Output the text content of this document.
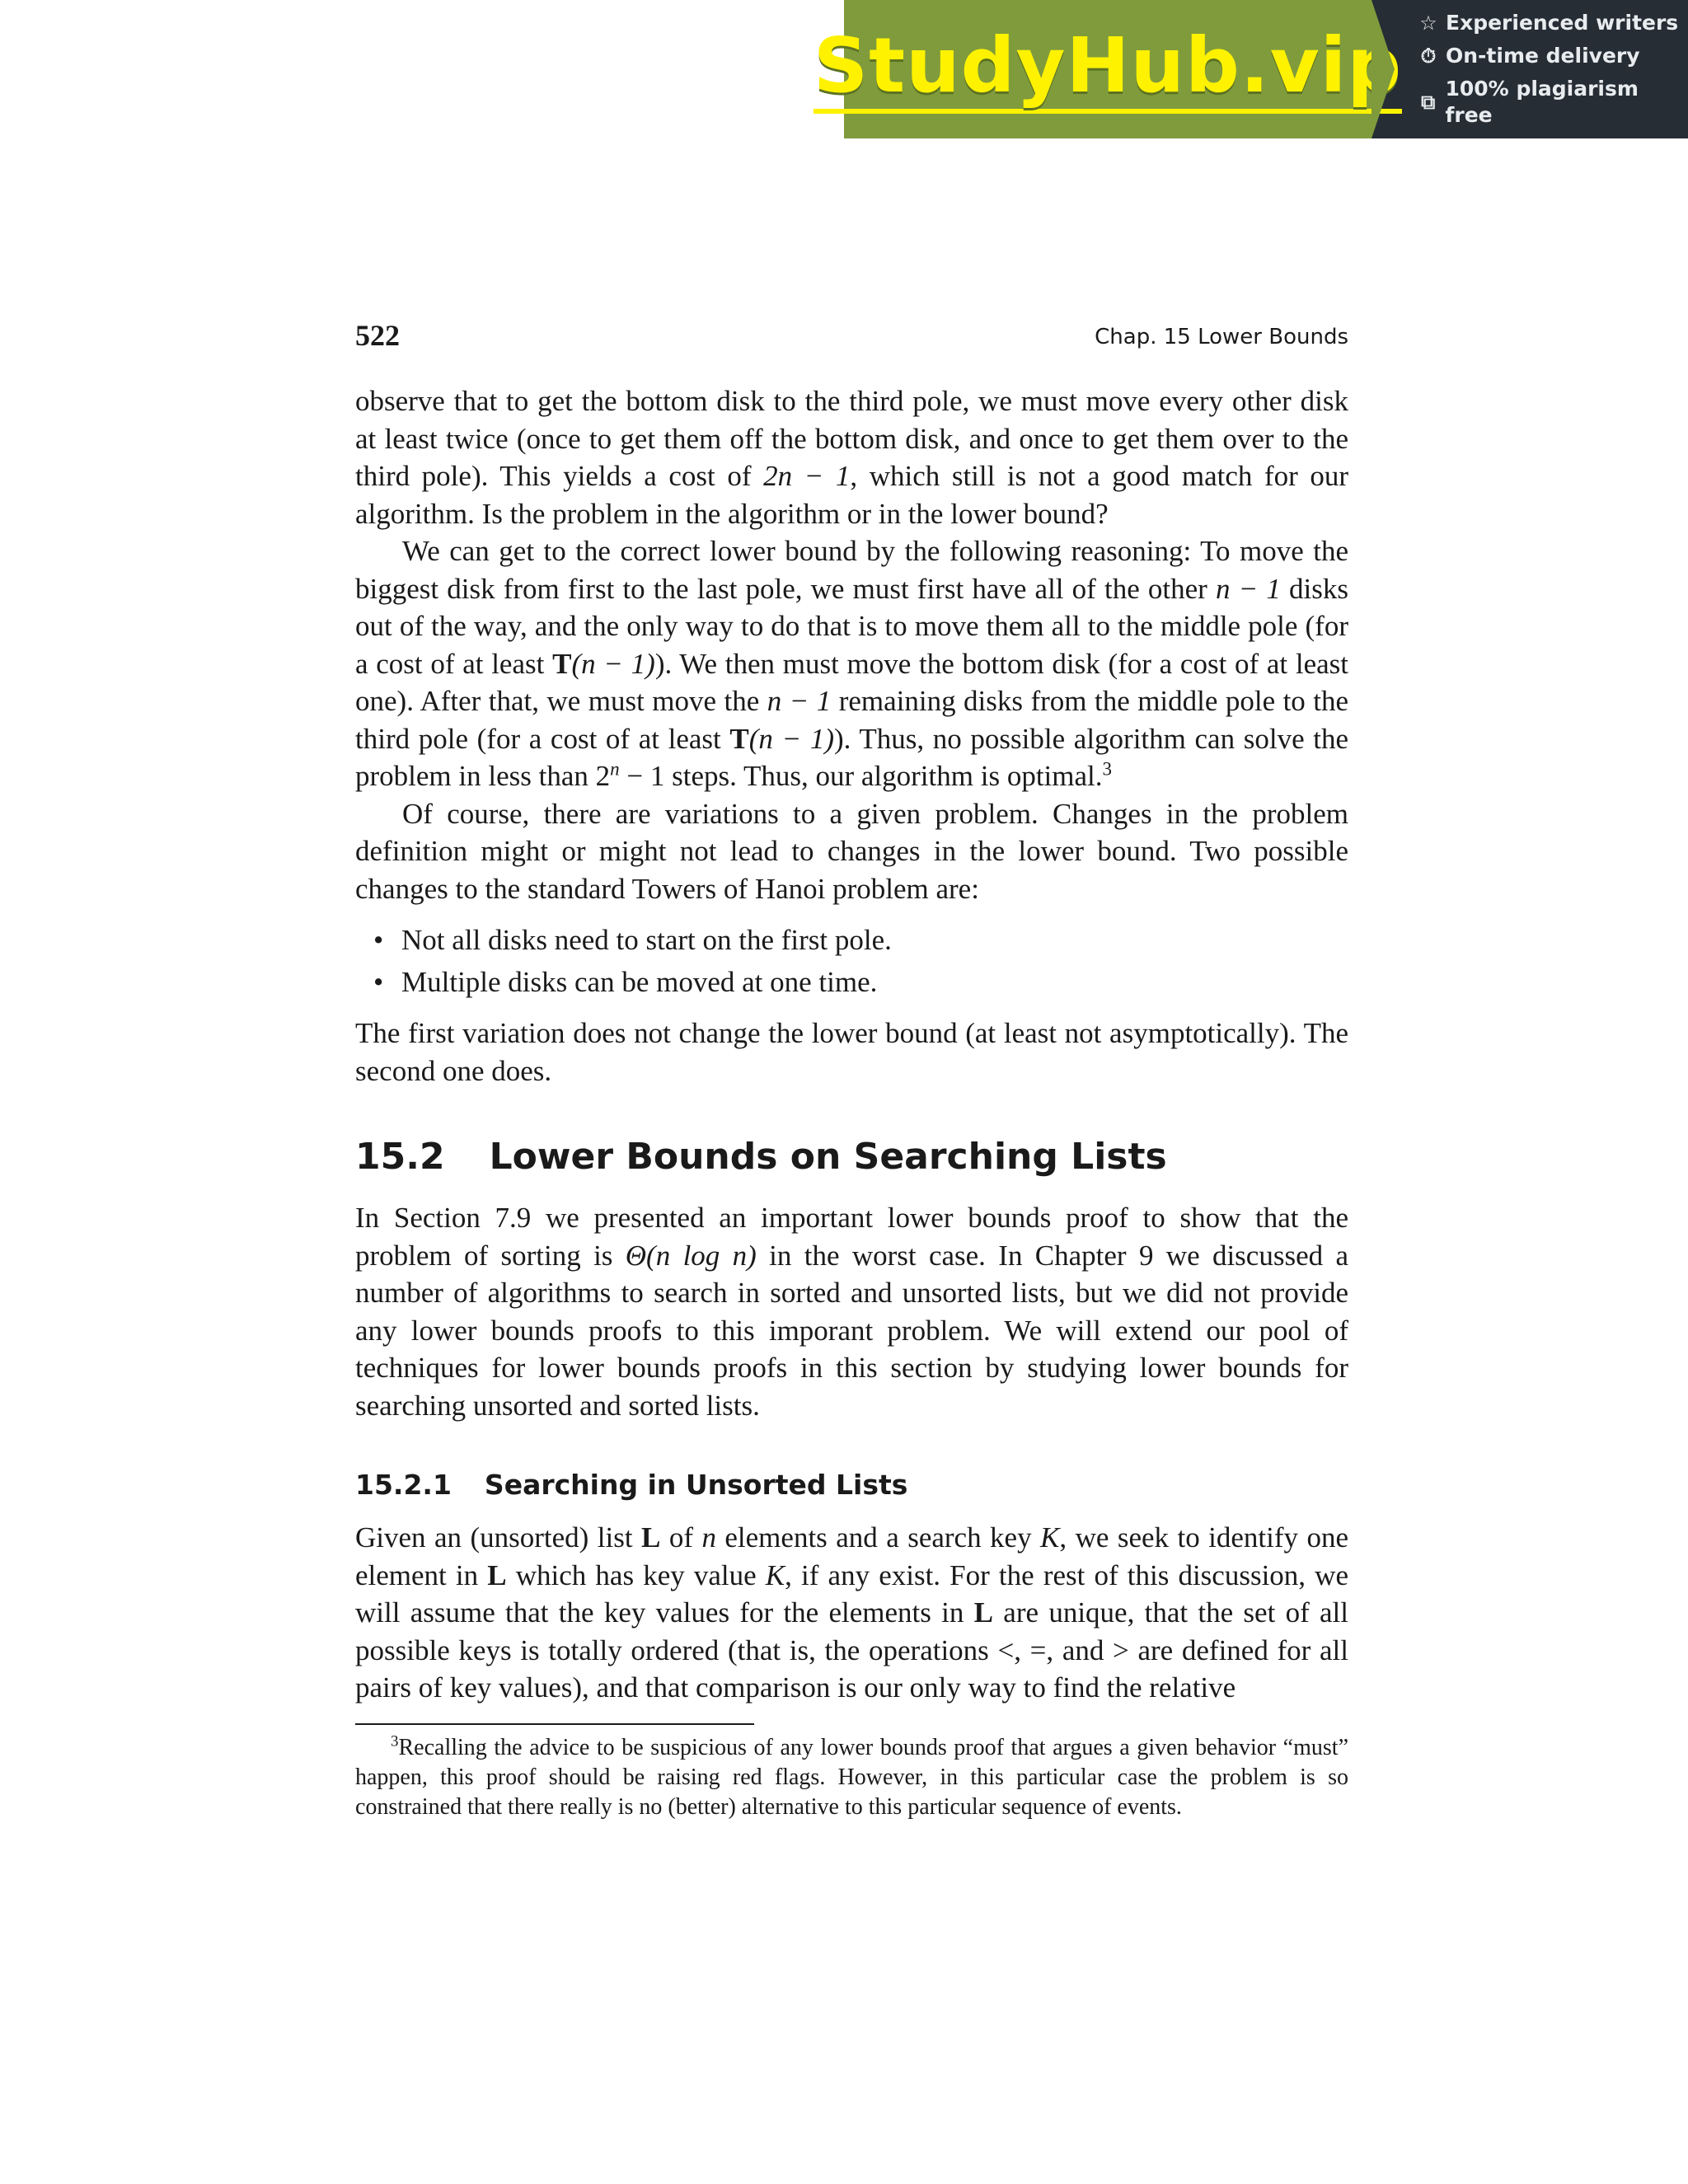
StudyHub.vip ☆ Experienced writers
⏱ On-time delivery
⧉
100% plagiarism free
522	Chap. 15 Lower Bounds

observe that to get the bottom disk to the third pole, we must move every other disk at least twice (once to get them off the bottom disk, and once to get them over to the third pole). This yields a cost of 2n − 1, which still is not a good match for our algorithm. Is the problem in the algorithm or in the lower bound?

We can get to the correct lower bound by the following reasoning: To move the biggest disk from first to the last pole, we must first have all of the other n − 1 disks out of the way, and the only way to do that is to move them all to the middle pole (for a cost of at least T(n − 1)). We then must move the bottom disk (for a cost of at least one). After that, we must move the n − 1 remaining disks from the middle pole to the third pole (for a cost of at least T(n − 1)). Thus, no possible algorithm can solve the problem in less than $2^n - 1$ steps. Thus, our algorithm is optimal.$^3$

Of course, there are variations to a given problem. Changes in the problem definition might or might not lead to changes in the lower bound. Two possible changes to the standard Towers of Hanoi problem are:

• Not all disks need to start on the first pole.
• Multiple disks can be moved at one time.

The first variation does not change the lower bound (at least not asymptotically). The second one does.

15.2 Lower Bounds on Searching Lists

In Section 7.9 we presented an important lower bounds proof to show that the problem of sorting is Θ(n log n) in the worst case. In Chapter 9 we discussed a number of algorithms to search in sorted and unsorted lists, but we did not provide any lower bounds proofs to this imporant problem. We will extend our pool of techniques for lower bounds proofs in this section by studying lower bounds for searching unsorted and sorted lists.

15.2.1 Searching in Unsorted Lists

Given an (unsorted) list L of n elements and a search key K, we seek to identify one element in L which has key value K, if any exist. For the rest of this discussion, we will assume that the key values for the elements in L are unique, that the set of all possible keys is totally ordered (that is, the operations <, =, and > are defined for all pairs of key values), and that comparison is our only way to find the relative

$^3$Recalling the advice to be suspicious of any lower bounds proof that argues a given behavior “must” happen, this proof should be raising red flags. However, in this particular case the problem is so constrained that there really is no (better) alternative to this particular sequence of events.
